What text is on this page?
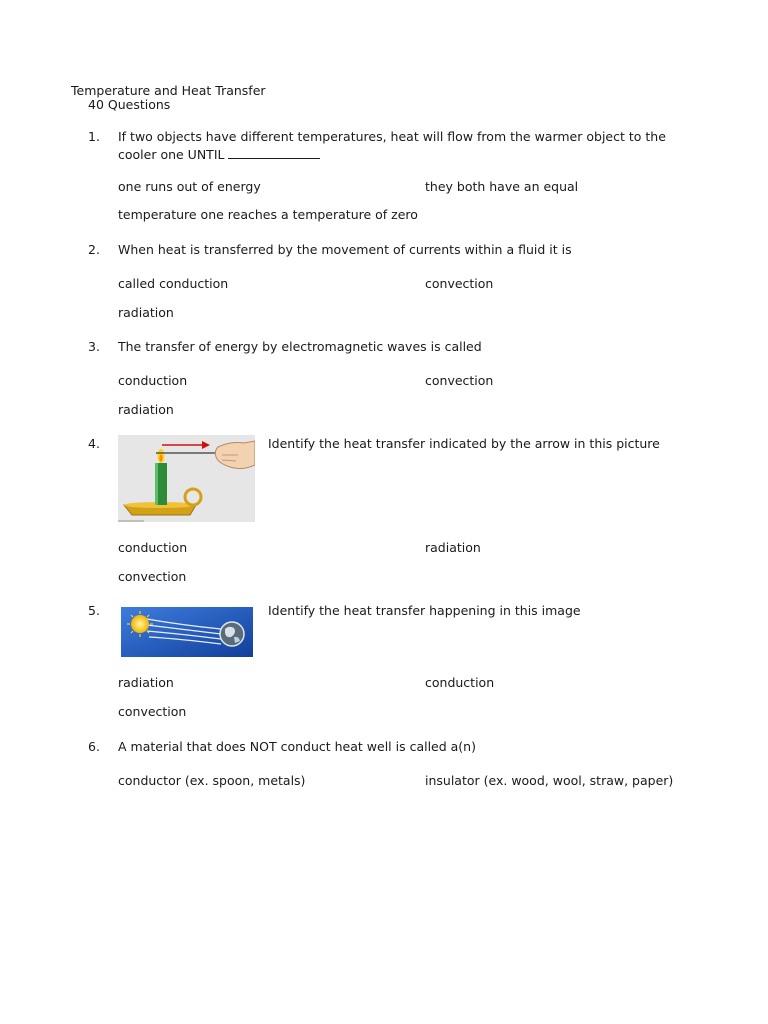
Temperature and Heat Transfer
40 Questions
1. If two objects have different temperatures, heat will flow from the warmer object to the
cooler one UNTIL
one runs out of energy	they both have an equal
temperature one reaches a temperature of zero
2. When heat is transferred by the movement of currents within a fluid it is
called conduction	convection
radiation
3. The transfer of energy by electromagnetic waves is called
conduction	convection
radiation
4.	Identify the heat transfer indicated by the arrow in this picture
conduction	radiation
convection
5.	Identify the heat transfer happening in this image
radiation	conduction
convection
6. A material that does NOT conduct heat well is called a(n)
conductor (ex. spoon, metals)	insulator (ex. wood, wool, straw, paper)
